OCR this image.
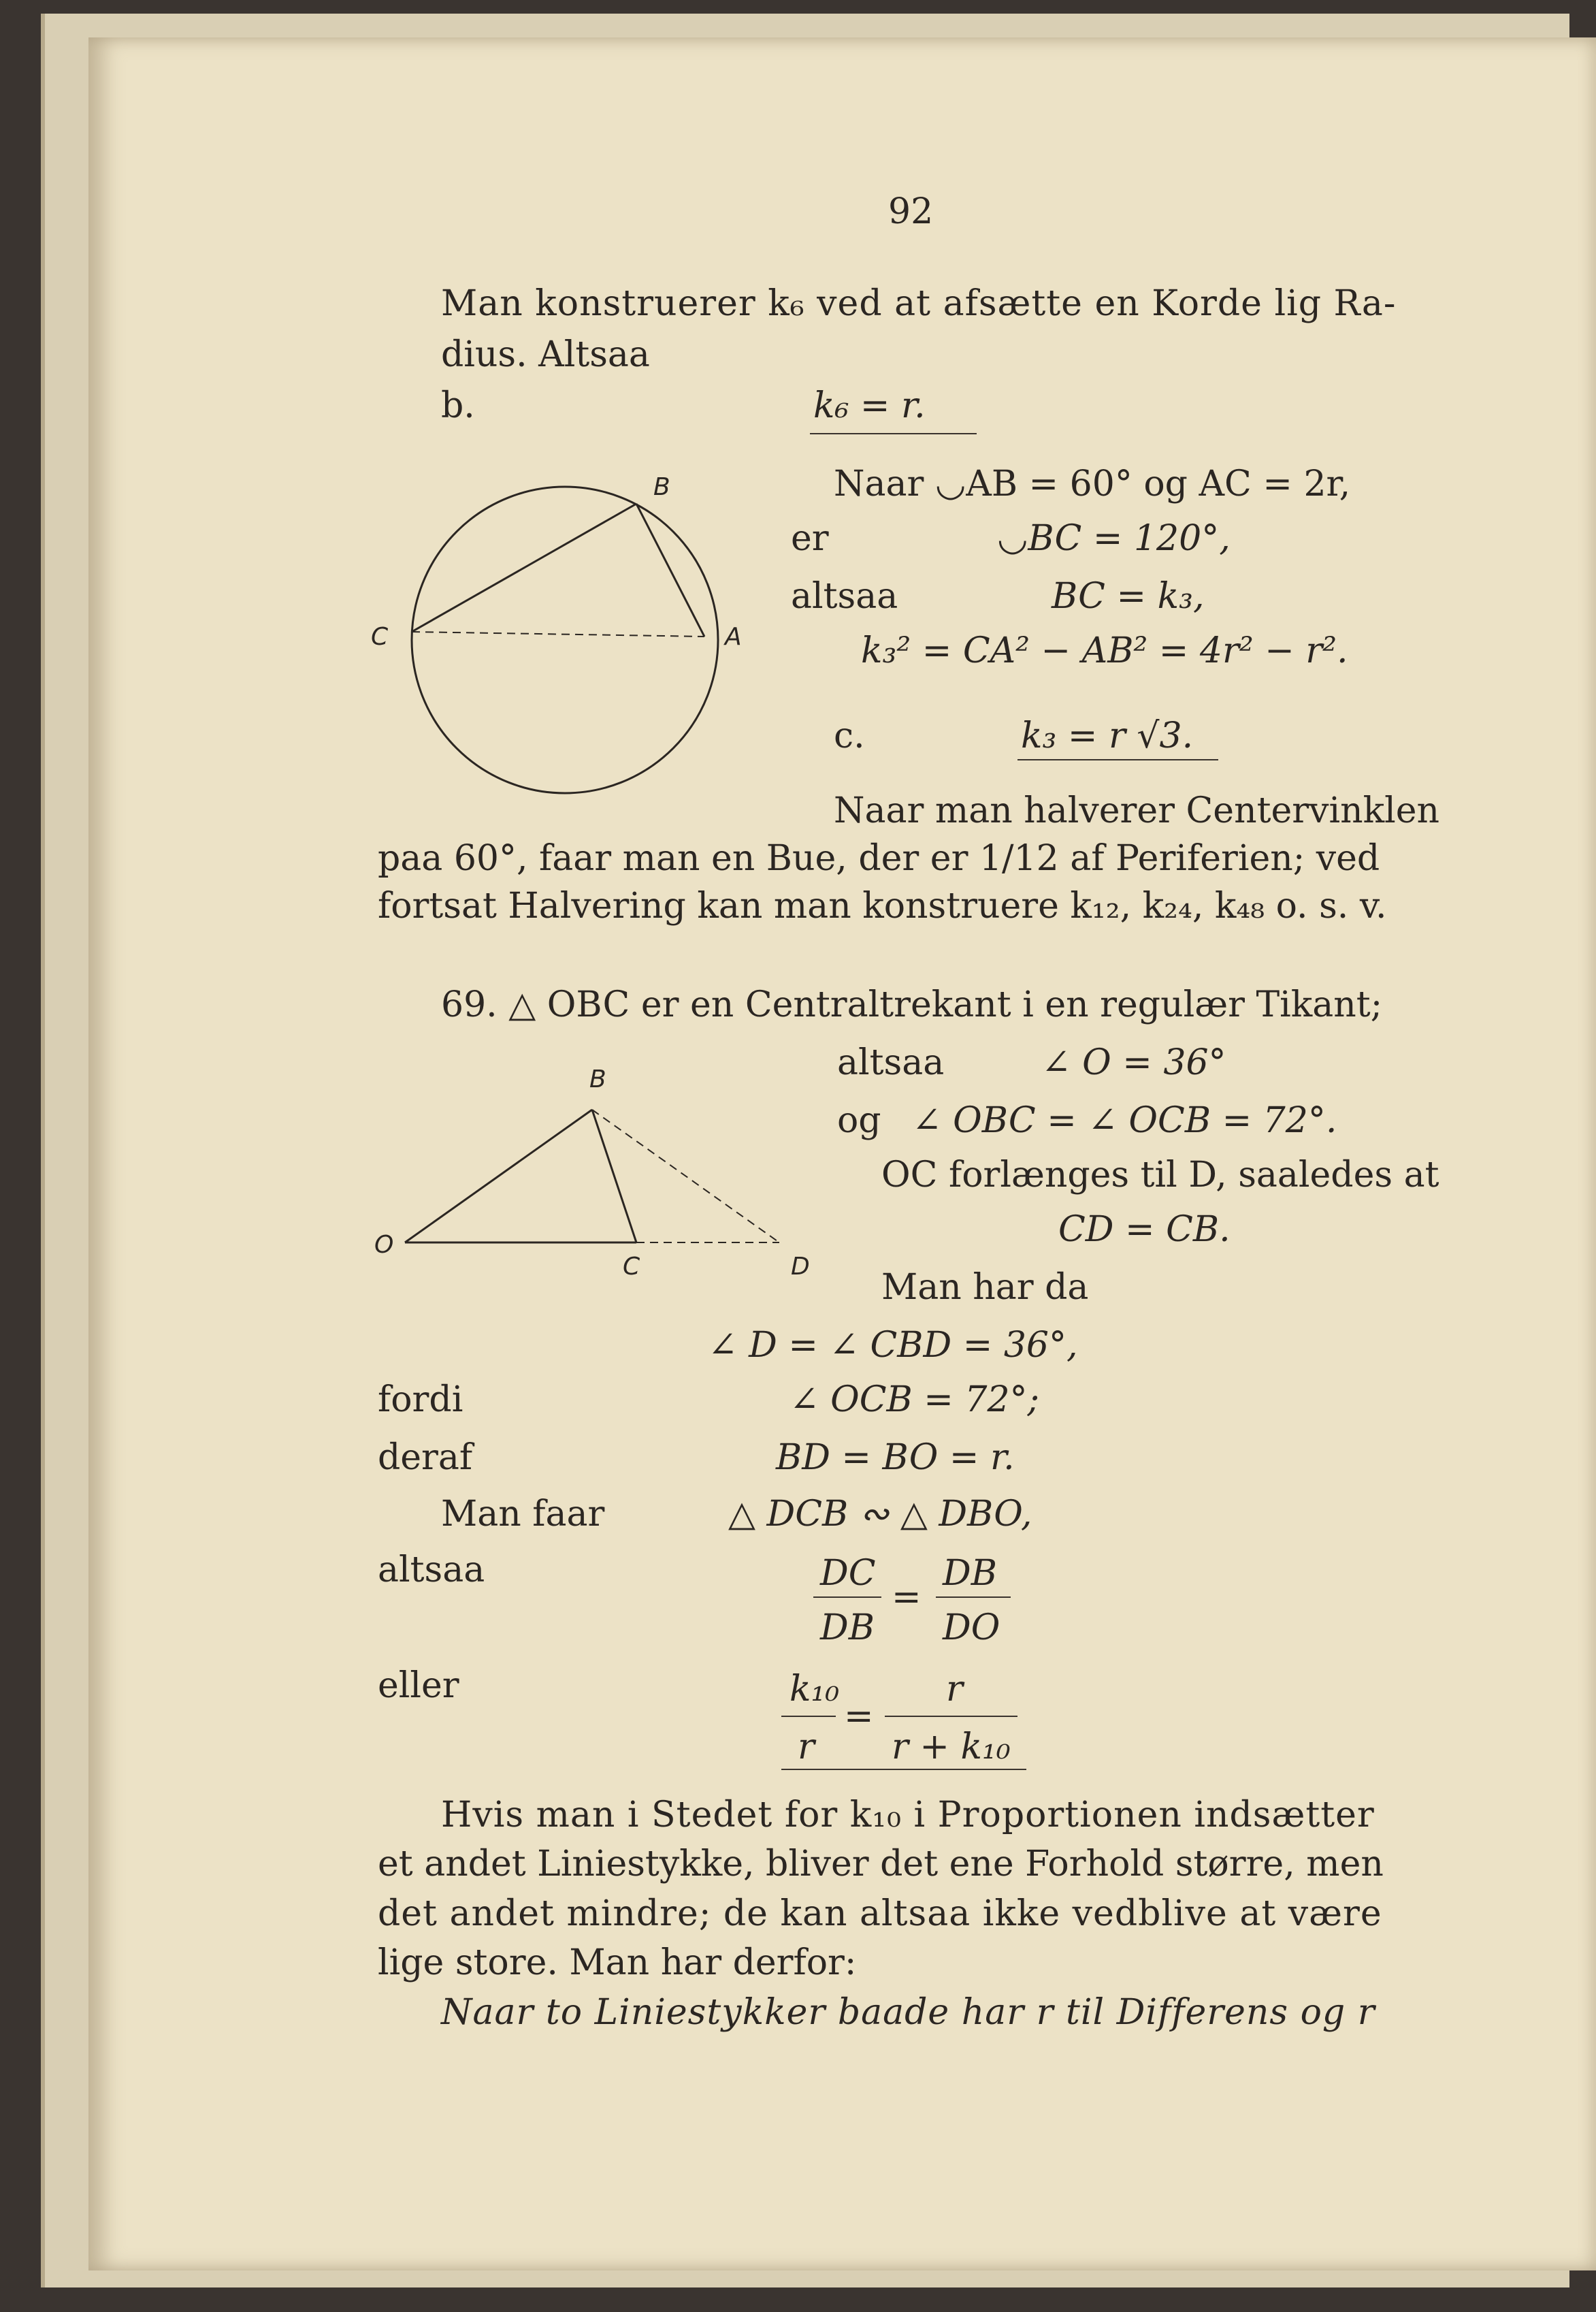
92
Man konstruerer k₆ ved at afsætte en Korde lig Ra-
dius. Altsaa
b.	k₆ = r.
B
C	A
Naar ◡AB = 60° og AC = 2r,
er	◡BC = 120°,
altsaa	BC = k₃,
k₃² = CA² − AB² = 4r² − r².
c.	k₃ = r √3.
Naar man halverer Centervinklen
paa 60°, faar man en Bue, der er 1/12 af Periferien; ved
fortsat Halvering kan man konstruere k₁₂, k₂₄, k₄₈ o. s. v.
69. △ OBC er en Centraltrekant i en regulær Tikant;
B
O
C	D
altsaa	∠ O = 36°
og ∠ OBC = ∠ OCB = 72°.
OC forlænges til D, saaledes at
CD = CB.
Man har da
∠ D = ∠ CBD = 36°,
fordi	∠ OCB = 72°;
deraf	BD = BO = r.
Man faar	△ DCB ∾ △ DBO,
altsaa	DC
DB
=
DB
DO
eller	k₁₀
r
=
r
r + k₁₀
Hvis man i Stedet for k₁₀ i Proportionen indsætter
et andet Liniestykke, bliver det ene Forhold større, men
det andet mindre; de kan altsaa ikke vedblive at være
lige store. Man har derfor:
Naar to Liniestykker baade har r til Differens og r
